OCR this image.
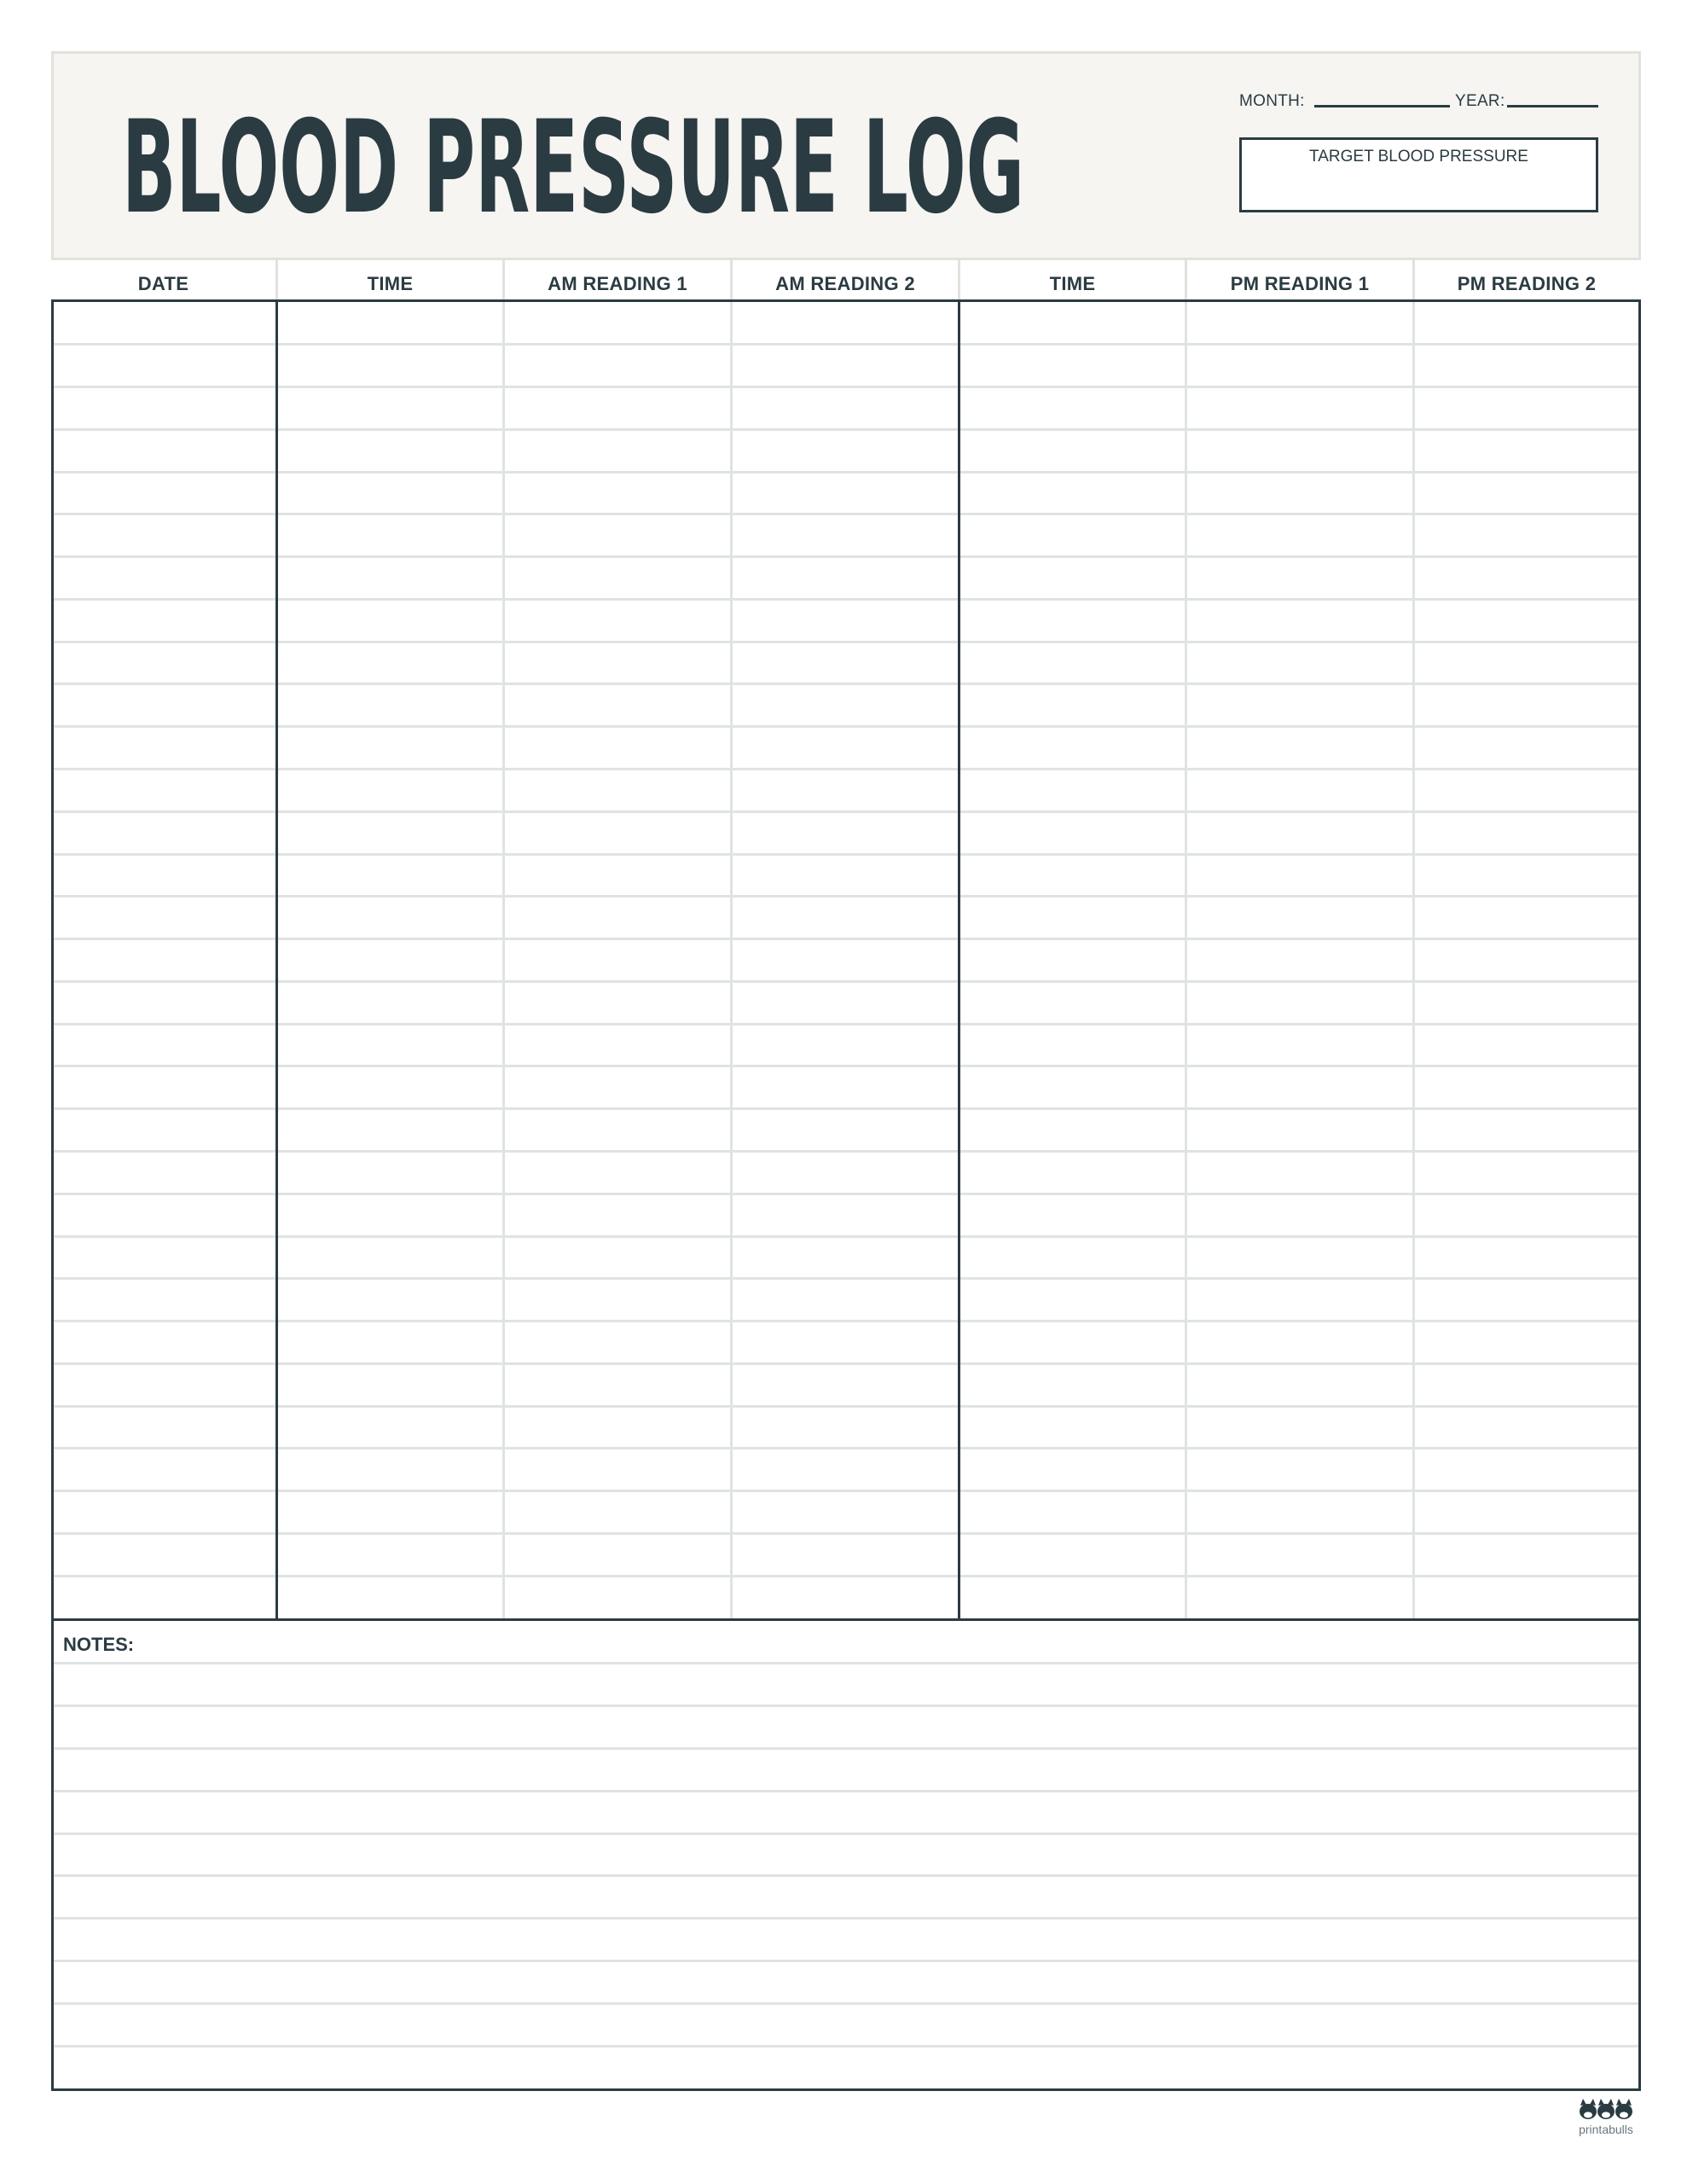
BLOOD PRESSURE LOG	MONTH:	YEAR:
TARGET BLOOD PRESSURE
DATE	TIME	AM READING 1	AM READING 2	TIME	PM READING 1	PM READING 2
NOTES:
printabulls
